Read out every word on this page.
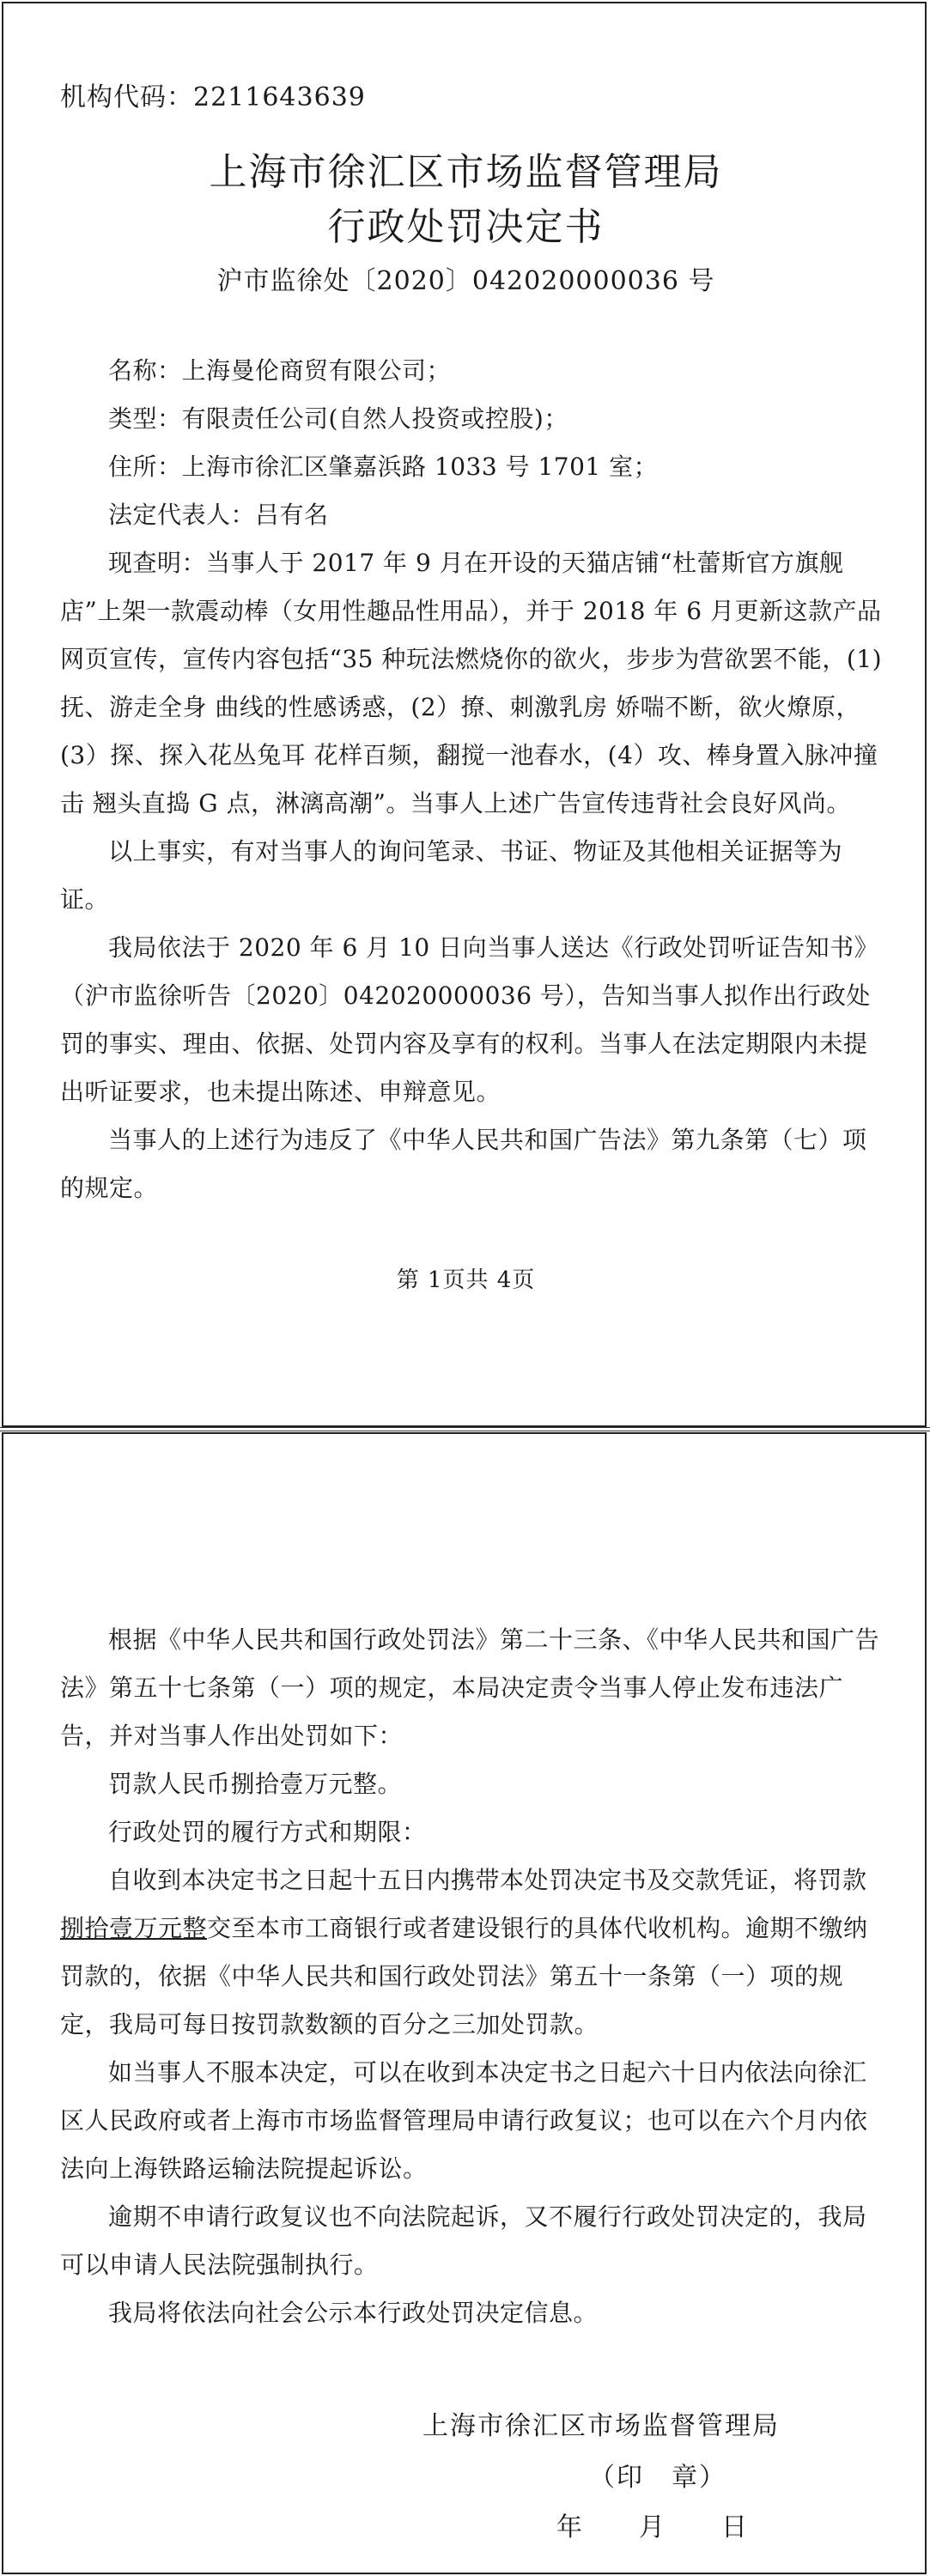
机构代码：2211643639
上海市徐汇区市场监督管理局
行政处罚决定书
沪市监徐处〔2020〕042020000036 号
名称：上海曼伦商贸有限公司；
类型：有限责任公司(自然人投资或控股)；
住所：上海市徐汇区肇嘉浜路 1033 号 1701 室；
法定代表人：吕有名

现查明：当事人于 2017 年 9 月在开设的天猫店铺“杜蕾斯官方旗舰店”上架一款震动棒（女用性趣品性用品），并于 2018 年 6 月更新这款产品网页宣传，宣传内容包括“35 种玩法燃烧你的欲火，步步为营欲罢不能，(1)抚、游走全身 曲线的性感诱惑，(2）撩、刺激乳房 娇喘不断，欲火燎原，(3）探、探入花丛兔耳 花样百频，翻搅一池春水，(4）攻、棒身置入脉冲撞击 翘头直捣 G 点，淋漓高潮”。当事人上述广告宣传违背社会良好风尚。

以上事实，有对当事人的询问笔录、书证、物证及其他相关证据等为证。

我局依法于 2020 年 6 月 10 日向当事人送达《行政处罚听证告知书》（沪市监徐听告〔2020〕042020000036 号），告知当事人拟作出行政处罚的事实、理由、依据、处罚内容及享有的权利。当事人在法定期限内未提出听证要求，也未提出陈述、申辩意见。

当事人的上述行为违反了《中华人民共和国广告法》第九条第（七）项的规定。

第 1页共 4页

根据《中华人民共和国行政处罚法》第二十三条、《中华人民共和国广告法》第五十七条第（一）项的规定，本局决定责令当事人停止发布违法广告，并对当事人作出处罚如下：

罚款人民币捌拾壹万元整。

行政处罚的履行方式和期限：

自收到本决定书之日起十五日内携带本处罚决定书及交款凭证，将罚款捌拾壹万元整交至本市工商银行或者建设银行的具体代收机构。逾期不缴纳罚款的，依据《中华人民共和国行政处罚法》第五十一条第（一）项的规定，我局可每日按罚款数额的百分之三加处罚款。

如当事人不服本决定，可以在收到本决定书之日起六十日内依法向徐汇区人民政府或者上海市市场监督管理局申请行政复议；也可以在六个月内依法向上海铁路运输法院提起诉讼。

逾期不申请行政复议也不向法院起诉，又不履行行政处罚决定的，我局可以申请人民法院强制执行。

我局将依法向社会公示本行政处罚决定信息。

上海市徐汇区市场监督管理局
（印　章）
年　　月　　日
